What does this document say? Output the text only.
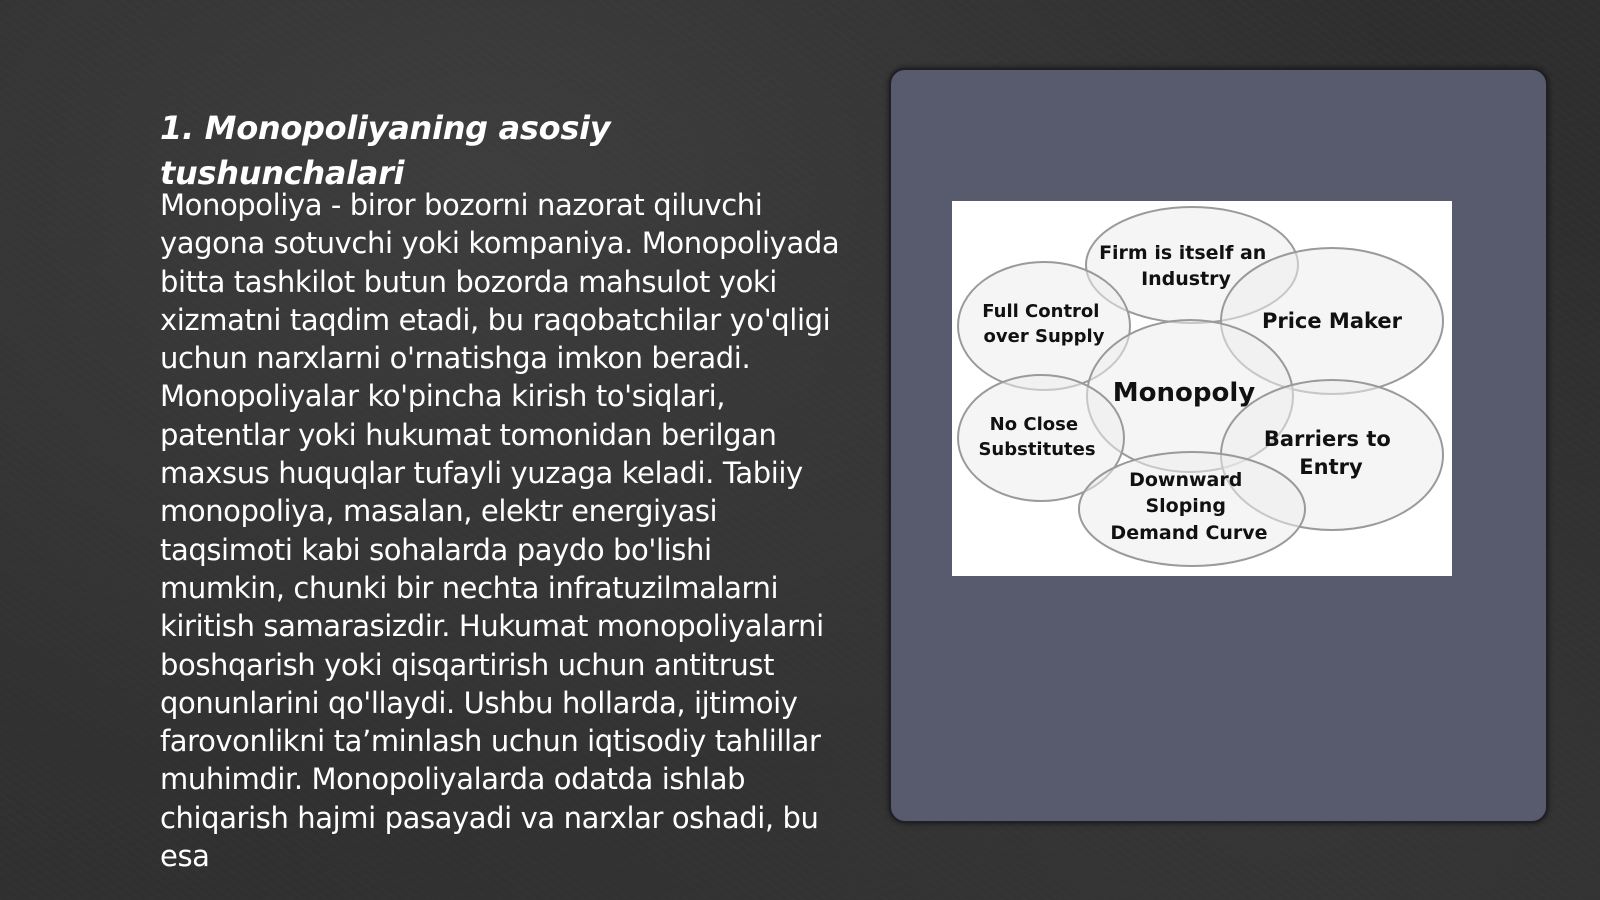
1. Monopoliyaning asosiy tushunchalari

Monopoliya - biror bozorni nazorat qiluvchi yagona sotuvchi yoki kompaniya. Monopoliyada bitta tashkilot butun bozorda mahsulot yoki xizmatni taqdim etadi, bu raqobatchilar yo'qligi uchun narxlarni o'rnatishga imkon beradi. Monopoliyalar ko'pincha kirish to'siqlari, patentlar yoki hukumat tomonidan berilgan maxsus huquqlar tufayli yuzaga keladi. Tabiiy monopoliya, masalan, elektr energiyasi taqsimoti kabi sohalarda paydo bo'lishi mumkin, chunki bir nechta infratuzilmalarni kiritish samarasizdir. Hukumat monopoliyalarni boshqarish yoki qisqartirish uchun antitrust qonunlarini qo'llaydi. Ushbu hollarda, ijtimoiy farovonlikni ta’minlash uchun iqtisodiy tahlillar muhimdir. Monopoliyalarda odatda ishlab chiqarish hajmi pasayadi va narxlar oshadi, bu esa

Firm is itself an Industry
Full Control over Supply
Price Maker
Monopoly
No Close Substitutes	Barriers to Entry
Downward Sloping Demand Curve
